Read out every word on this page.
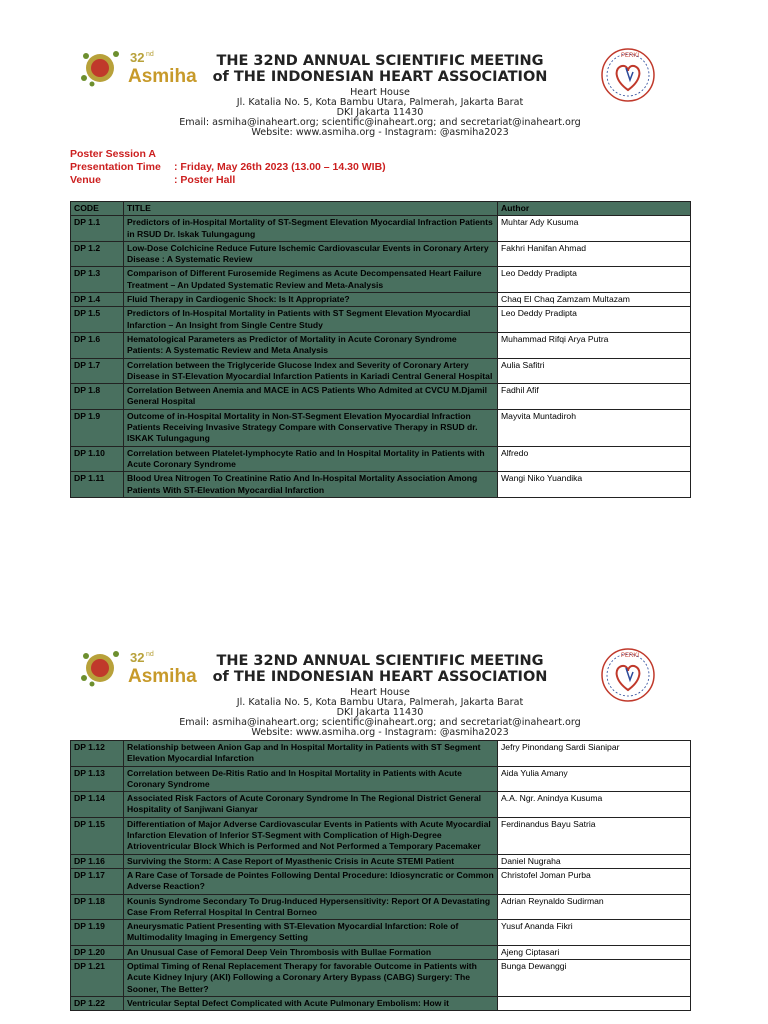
32 nd
Asmiha
THE 32ND ANNUAL SCIENTIFIC MEETING
of THE INDONESIAN HEART ASSOCIATION
Heart House
Jl. Katalia No. 5, Kota Bambu Utara, Palmerah, Jakarta Barat
DKI Jakarta 11430
Email: asmiha@inaheart.org; scientific@inaheart.org; and secretariat@inaheart.org
Website: www.asmiha.org - Instagram: @asmiha2023
PERKI
Poster Session A
Presentation Time : Friday, May 26th 2023 (13.00 – 14.30 WIB)
Venue	: Poster Hall
CODE	TITLE	Author
DP 1.1	Predictors of in-Hospital Mortality of ST-Segment Elevation Myocardial Infraction Patients in RSUD Dr. Iskak Tulungagung	Muhtar Ady Kusuma
DP 1.2	Low-Dose Colchicine Reduce Future Ischemic Cardiovascular Events in Coronary Artery Disease : A Systematic Review	Fakhri Hanifan Ahmad
DP 1.3	Comparison of Different Furosemide Regimens as Acute Decompensated Heart Failure Treatment – An Updated Systematic Review and Meta-Analysis	Leo Deddy Pradipta
DP 1.4	Fluid Therapy in Cardiogenic Shock: Is It Appropriate?	Chaq El Chaq Zamzam Multazam
DP 1.5	Predictors of In-Hospital Mortality in Patients with ST Segment Elevation Myocardial Infarction – An Insight from Single Centre Study	Leo Deddy Pradipta
DP 1.6	Hematological Parameters as Predictor of Mortality in Acute Coronary Syndrome Patients: A Systematic Review and Meta Analysis	Muhammad Rifqi Arya Putra
DP 1.7	Correlation between the Triglyceride Glucose Index and Severity of Coronary Artery Disease in ST-Elevation Myocardial Infarction Patients in Kariadi Central General Hospital	Aulia Safitri
DP 1.8	Correlation Between Anemia and MACE in ACS Patients Who Admited at CVCU M.Djamil General Hospital	Fadhil Afif
DP 1.9	Outcome of in-Hospital Mortality in Non-ST-Segment Elevation Myocardial Infraction Patients Receiving Invasive Strategy Compare with Conservative Therapy in RSUD dr. ISKAK Tulungagung	Mayvita Muntadiroh
DP 1.10	Correlation between Platelet-lymphocyte Ratio and In Hospital Mortality in Patients with Acute Coronary Syndrome	Alfredo
DP 1.11	Blood Urea Nitrogen To Creatinine Ratio And In-Hospital Mortality Association Among Patients With ST-Elevation Myocardial Infarction	Wangi Niko Yuandika
32 nd
Asmiha
THE 32ND ANNUAL SCIENTIFIC MEETING
of THE INDONESIAN HEART ASSOCIATION
Heart House
Jl. Katalia No. 5, Kota Bambu Utara, Palmerah, Jakarta Barat
DKI Jakarta 11430
Email: asmiha@inaheart.org; scientific@inaheart.org; and secretariat@inaheart.org
Website: www.asmiha.org - Instagram: @asmiha2023
PERKI
DP 1.12	Relationship between Anion Gap and In Hospital Mortality in Patients with ST Segment Elevation Myocardial Infarction	Jefry Pinondang Sardi Sianipar
DP 1.13	Correlation between De-Ritis Ratio and In Hospital Mortality in Patients with Acute Coronary Syndrome	Aida Yulia Amany
DP 1.14	Associated Risk Factors of Acute Coronary Syndrome In The Regional District General Hospitality of Sanjiwani Gianyar	A.A. Ngr. Anindya Kusuma
DP 1.15	Differentiation of Major Adverse Cardiovascular Events in Patients with Acute Myocardial Infarction Elevation of Inferior ST-Segment with Complication of High-Degree Atrioventricular Block Which is Performed and Not Performed a Temporary Pacemaker	Ferdinandus Bayu Satria
DP 1.16	Surviving the Storm: A Case Report of Myasthenic Crisis in Acute STEMI Patient	Daniel Nugraha
DP 1.17	A Rare Case of Torsade de Pointes Following Dental Procedure: Idiosyncratic or Common Adverse Reaction?	Christofel Joman Purba
DP 1.18	Kounis Syndrome Secondary To Drug-Induced Hypersensitivity: Report Of A Devastating Case From Referral Hospital In Central Borneo	Adrian Reynaldo Sudirman
DP 1.19	Aneurysmatic Patient Presenting with ST-Elevation Myocardial Infarction: Role of Multimodality Imaging in Emergency Setting	Yusuf Ananda Fikri
DP 1.20	An Unusual Case of Femoral Deep Vein Thrombosis with Bullae Formation	Ajeng Ciptasari
DP 1.21	Optimal Timing of Renal Replacement Therapy for favorable Outcome in Patients with Acute Kidney Injury (AKI) Following a Coronary Artery Bypass (CABG) Surgery: The Sooner, The Better?	Bunga Dewanggi
DP 1.22	Ventricular Septal Defect Complicated with Acute Pulmonary Embolism: How it	
